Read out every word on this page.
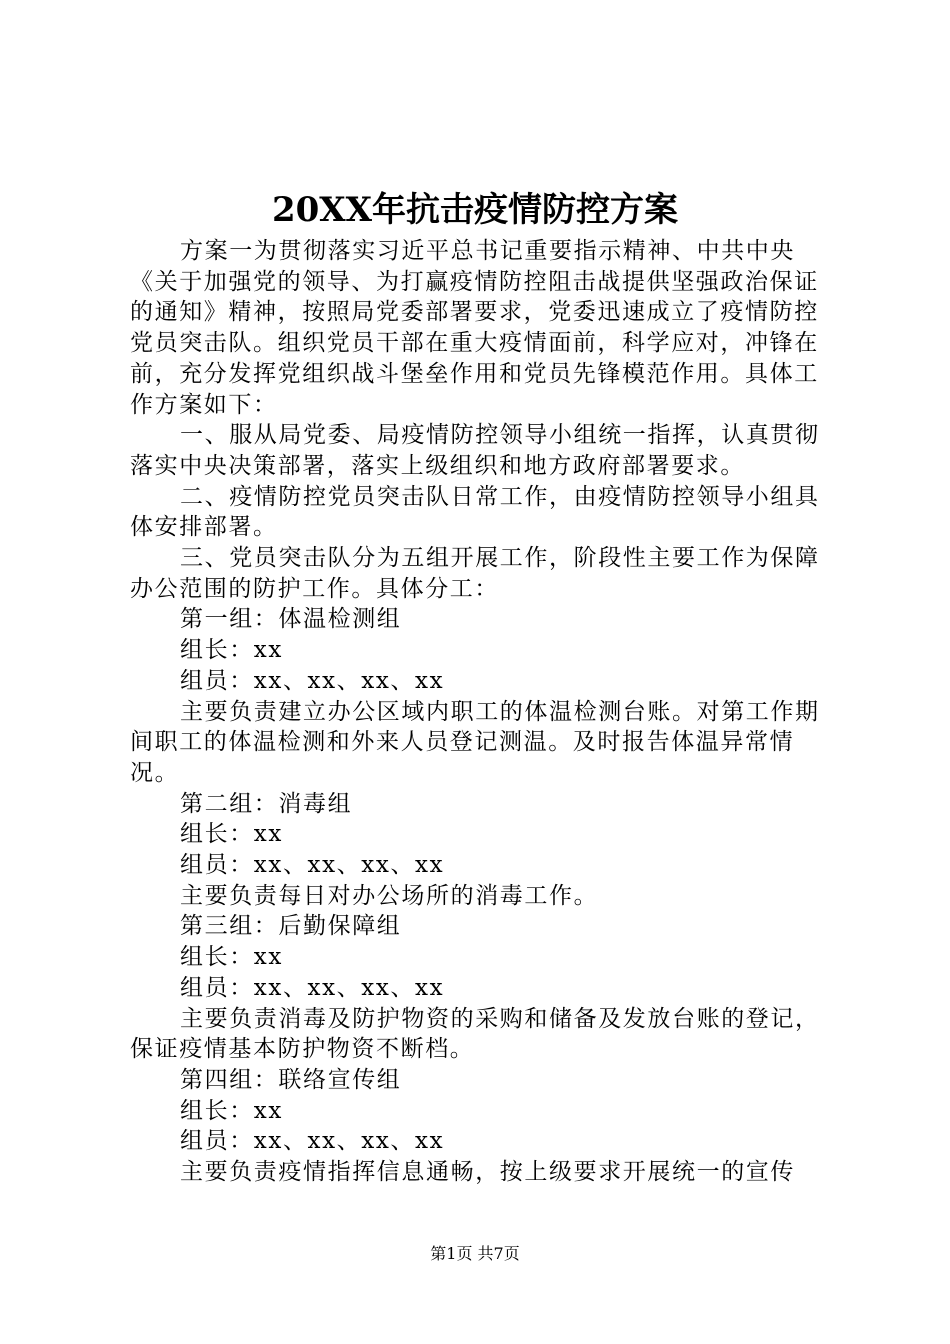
20XX年抗击疫情防控方案

方案一为贯彻落实习近平总书记重要指示精神、中共中央《关于加强党的领导、为打赢疫情防控阻击战提供坚强政治保证的通知》精神，按照局党委部署要求，党委迅速成立了疫情防控党员突击队。组织党员干部在重大疫情面前，科学应对，冲锋在前，充分发挥党组织战斗堡垒作用和党员先锋模范作用。具体工作方案如下：

一、服从局党委、局疫情防控领导小组统一指挥，认真贯彻落实中央决策部署，落实上级组织和地方政府部署要求。

二、疫情防控党员突击队日常工作，由疫情防控领导小组具体安排部署。

三、党员突击队分为五组开展工作，阶段性主要工作为保障办公范围的防护工作。具体分工：

第一组：体温检测组

组长：xx

组员：xx、xx、xx、xx

主要负责建立办公区域内职工的体温检测台账。对第工作期间职工的体温检测和外来人员登记测温。及时报告体温异常情况。

第二组：消毒组

组长：xx

组员：xx、xx、xx、xx

主要负责每日对办公场所的消毒工作。

第三组：后勤保障组

组长：xx

组员：xx、xx、xx、xx

主要负责消毒及防护物资的采购和储备及发放台账的登记，保证疫情基本防护物资不断档。

第四组：联络宣传组

组长：xx

组员：xx、xx、xx、xx

主要负责疫情指挥信息通畅，按上级要求开展统一的宣传

第1页 共7页
